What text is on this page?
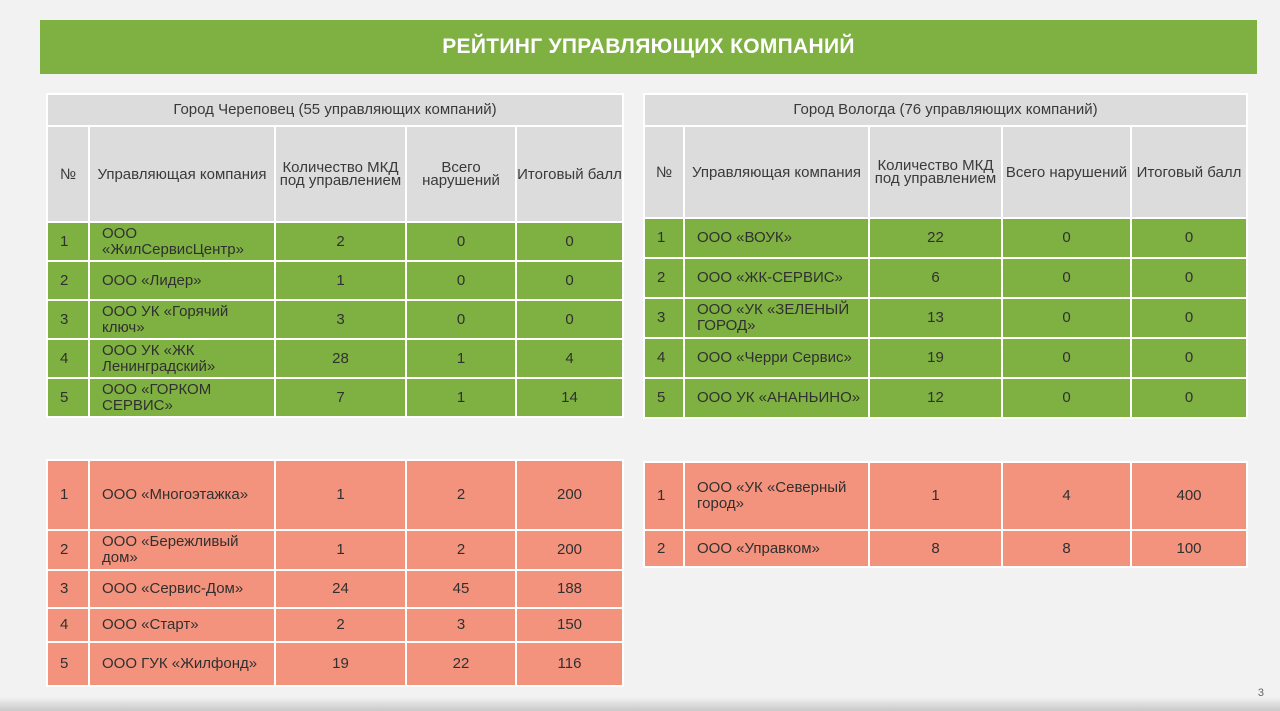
РЕЙТИНГ УПРАВЛЯЮЩИХ КОМПАНИЙ
Город Череповец (55 управляющих компаний)				
№	Управляющая компания	Количество МКД под управлением	Всего нарушений	Итоговый балл
1	ООО «ЖилСервисЦентр»	2	0	0
2	ООО «Лидер»	1	0	0
3	ООО УК «Горячий ключ»	3	0	0
4	ООО УК «ЖК Ленинградский»	28	1	4
5	ООО «ГОРКОМ СЕРВИС»	7	1	14
1	ООО «Многоэтажка»	1	2	200
2	ООО «Бережливый дом»	1	2	200
3	ООО «Сервис-Дом»	24	45	188
4	ООО «Старт»	2	3	150
5	ООО ГУК «Жилфонд»	19	22	116
Город Вологда (76 управляющих компаний)				
№	Управляющая компания	Количество МКД под управлением	Всего нарушений	Итоговый балл
1	ООО «ВОУК»	22	0	0
2	ООО «ЖК-СЕРВИС»	6	0	0
3	ООО «УК «ЗЕЛЕНЫЙ ГОРОД»	13	0	0
4	ООО «Черри Сервис»	19	0	0
5	ООО УК «АНАНЬИНО»	12	0	0
1	ООО «УК «Северный город»	1	4	400
2	ООО «Управком»	8	8	100
3
